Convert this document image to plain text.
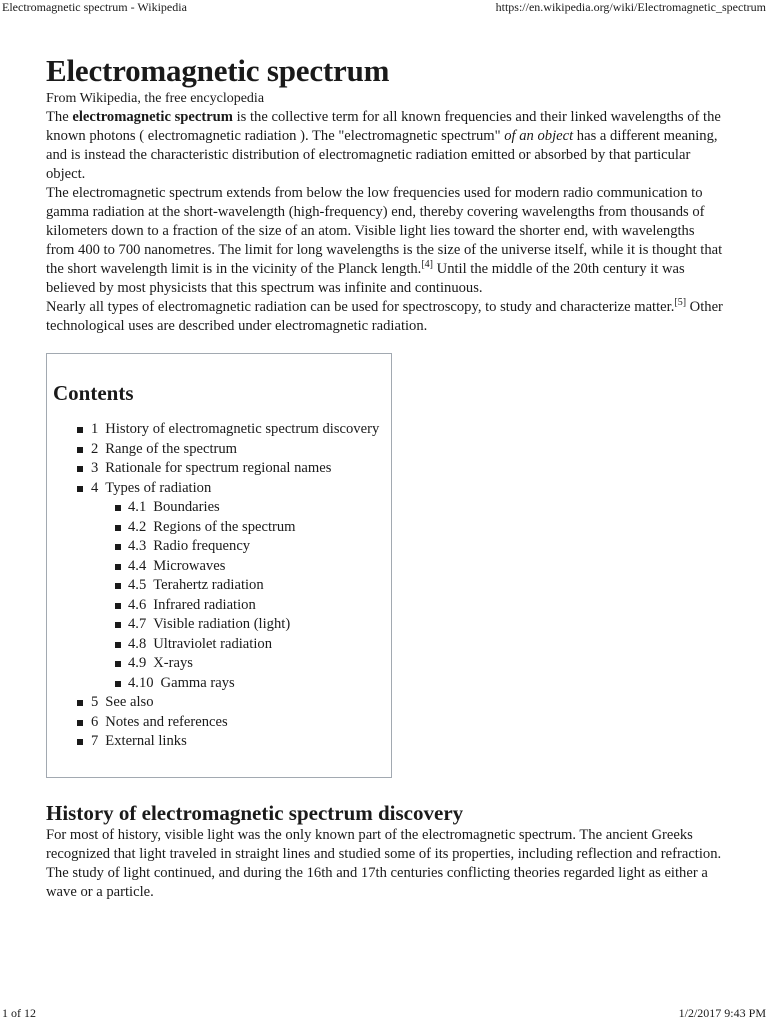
Electromagnetic spectrum - Wikipedia	https://en.wikipedia.org/wiki/Electromagnetic_spectrum
Electromagnetic spectrum
From Wikipedia, the free encyclopedia

The electromagnetic spectrum is the collective term for all known frequencies and their linked wavelengths of the known photons ( electromagnetic radiation ). The "electromagnetic spectrum" of an object has a different meaning, and is instead the characteristic distribution of electromagnetic radiation emitted or absorbed by that particular object.

The electromagnetic spectrum extends from below the low frequencies used for modern radio communication to gamma radiation at the short-wavelength (high-frequency) end, thereby covering wavelengths from thousands of kilometers down to a fraction of the size of an atom. Visible light lies toward the shorter end, with wavelengths from 400 to 700 nanometres. The limit for long wavelengths is the size of the universe itself, while it is thought that the short wavelength limit is in the vicinity of the Planck length.[4] Until the middle of the 20th century it was believed by most physicists that this spectrum was infinite and continuous.

Nearly all types of electromagnetic radiation can be used for spectroscopy, to study and characterize matter.[5] Other technological uses are described under electromagnetic radiation.

Contents
1 History of electromagnetic spectrum discovery
2 Range of the spectrum
3 Rationale for spectrum regional names
4 Types of radiation
4.1 Boundaries
4.2 Regions of the spectrum
4.3 Radio frequency
4.4 Microwaves
4.5 Terahertz radiation
4.6 Infrared radiation
4.7 Visible radiation (light)
4.8 Ultraviolet radiation
4.9 X-rays
4.10 Gamma rays
5 See also
6 Notes and references
7 External links
History of electromagnetic spectrum discovery

For most of history, visible light was the only known part of the electromagnetic spectrum. The ancient Greeks recognized that light traveled in straight lines and studied some of its properties, including reflection and refraction. The study of light continued, and during the 16th and 17th centuries conflicting theories regarded light as either a wave or a particle.

1 of 12	1/2/2017 9:43 PM
